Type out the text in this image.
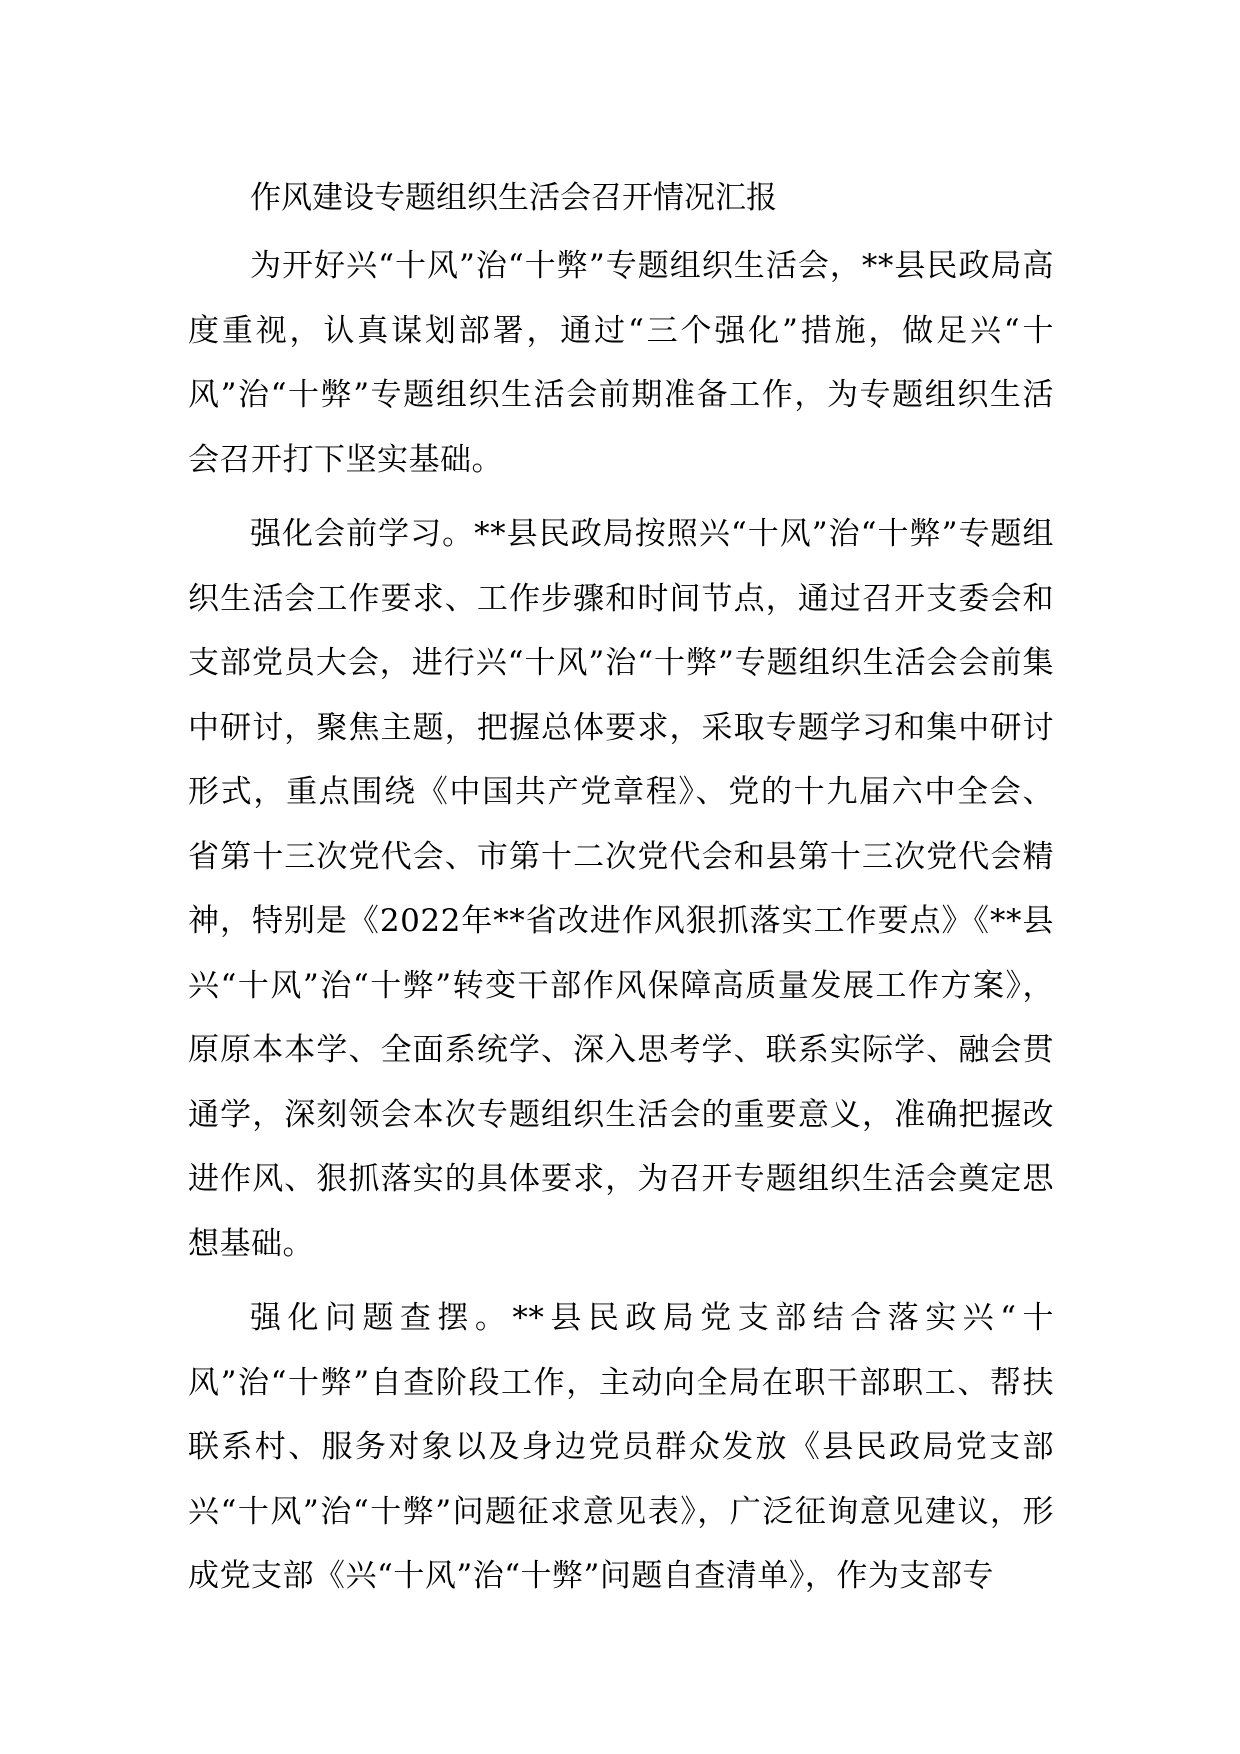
作风建设专题组织生活会召开情况汇报

为开好兴“十风”治“十弊”专题组织生活会，**县民政局高度重视，认真谋划部署，通过“三个强化”措施，做足兴“十风”治“十弊”专题组织生活会前期准备工作，为专题组织生活会召开打下坚实基础。

强化会前学习。**县民政局按照兴“十风”治“十弊”专题组织生活会工作要求、工作步骤和时间节点，通过召开支委会和支部党员大会，进行兴“十风”治“十弊”专题组织生活会会前集中研讨，聚焦主题，把握总体要求，采取专题学习和集中研讨形式，重点围绕《中国共产党章程》、党的十九届六中全会、省第十三次党代会、市第十二次党代会和县第十三次党代会精神，特别是《2022年**省改进作风狠抓落实工作要点》《**县兴“十风”治“十弊”转变干部作风保障高质量发展工作方案》，原原本本学、全面系统学、深入思考学、联系实际学、融会贯通学，深刻领会本次专题组织生活会的重要意义，准确把握改进作风、狠抓落实的具体要求，为召开专题组织生活会奠定思想基础。

强化问题查摆。**县民政局党支部结合落实兴“十风”治“十弊”自查阶段工作，主动向全局在职干部职工、帮扶联系村、服务对象以及身边党员群众发放《县民政局党支部兴“十风”治“十弊”问题征求意见表》，广泛征询意见建议，形成党支部《兴“十风”治“十弊”问题自查清单》，作为支部专
